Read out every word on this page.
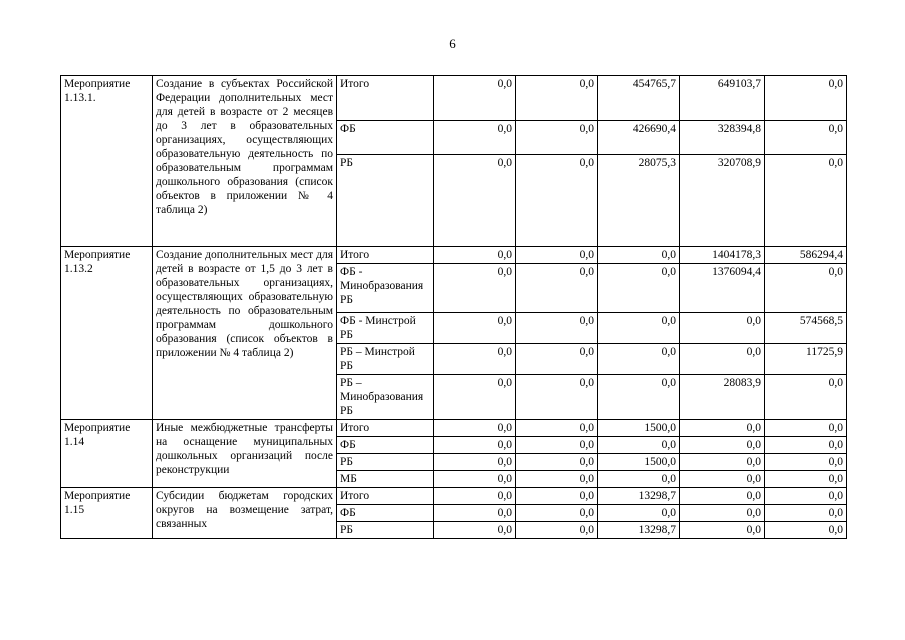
6
Мероприятие 1.13.1.	Создание в субъектах Российской Федерации дополнительных мест для детей в возрасте от 2 месяцев до 3 лет в образовательных организациях, осуществляющих образовательную деятельность по образовательным программам дошкольного образования (список объектов в приложении № 4 таблица 2)	Итого	0,0	0,0	454765,7	649103,7	0,0
		ФБ	0,0	0,0	426690,4	328394,8	0,0
		РБ	0,0	0,0	28075,3	320708,9	0,0
Мероприятие 1.13.2	Создание дополнительных мест для детей в возрасте от 1,5 до 3 лет в образовательных организациях, осуществляющих образовательную деятельность по образовательным программам дошкольного образования (список объектов в приложении № 4 таблица 2)	Итого	0,0	0,0	0,0	1404178,3	586294,4
		ФБ - Минобразования РБ	0,0	0,0	0,0	1376094,4	0,0
		ФБ - Минстрой РБ	0,0	0,0	0,0	0,0	574568,5
		РБ – Минстрой РБ	0,0	0,0	0,0	0,0	11725,9
		РБ – Минобразования РБ	0,0	0,0	0,0	28083,9	0,0
Мероприятие 1.14	Иные межбюджетные трансферты на оснащение муниципальных дошкольных организаций после реконструкции	Итого	0,0	0,0	1500,0	0,0	0,0
		ФБ	0,0	0,0	0,0	0,0	0,0
		РБ	0,0	0,0	1500,0	0,0	0,0
		МБ	0,0	0,0	0,0	0,0	0,0
Мероприятие 1.15	Субсидии бюджетам городских округов на возмещение затрат, связанных	Итого	0,0	0,0	13298,7	0,0	0,0
		ФБ	0,0	0,0	0,0	0,0	0,0
		РБ	0,0	0,0	13298,7	0,0	0,0
